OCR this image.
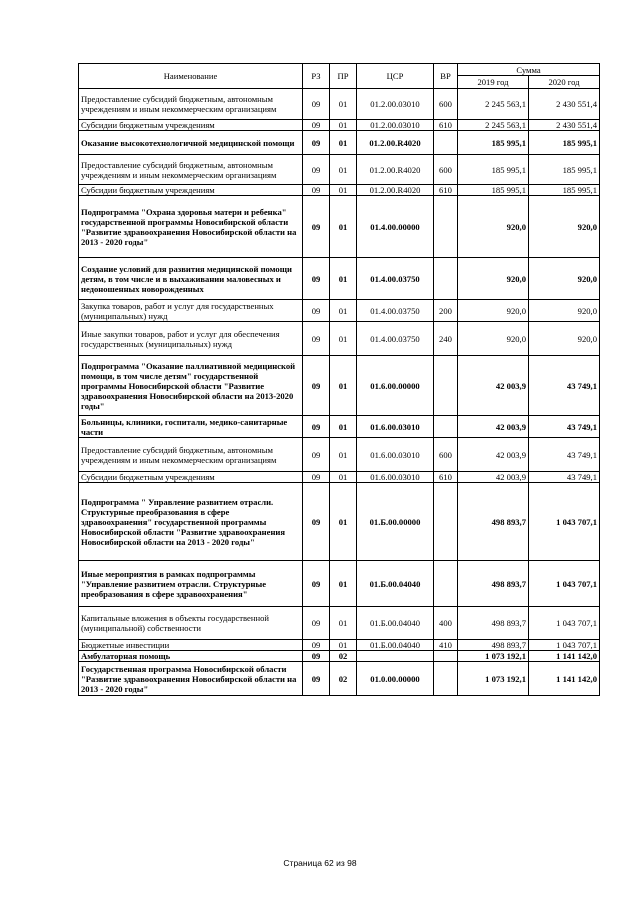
Наименование	РЗ	ПР	ЦСР	ВР	Сумма	
					2019 год	2020 год
Предоставление субсидий бюджетным, автономным учреждениям и иным некоммерческим организациям	09	01	01.2.00.03010	600	2 245 563,1	2 430 551,4
Субсидии бюджетным учреждениям	09	01	01.2.00.03010	610	2 245 563,1	2 430 551,4
Оказание высокотехнологичной медицинской помощи	09	01	01.2.00.R4020		185 995,1	185 995,1
Предоставление субсидий бюджетным, автономным учреждениям и иным некоммерческим организациям	09	01	01.2.00.R4020	600	185 995,1	185 995,1
Субсидии бюджетным учреждениям	09	01	01.2.00.R4020	610	185 995,1	185 995,1
Подпрограмма "Охрана здоровья матери и ребенка" государственной программы Новосибирской области "Развитие здравоохранения Новосибирской области на 2013 - 2020 годы"	09	01	01.4.00.00000		920,0	920,0
Создание условий для развития медицинской помощи детям, в том числе и в выхаживании маловесных и недоношенных новорожденных	09	01	01.4.00.03750		920,0	920,0
Закупка товаров, работ и услуг для государственных (муниципальных) нужд	09	01	01.4.00.03750	200	920,0	920,0
Иные закупки товаров, работ и услуг для обеспечения государственных (муниципальных) нужд	09	01	01.4.00.03750	240	920,0	920,0
Подпрограмма "Оказание паллиативной медицинской помощи, в том числе детям" государственной программы Новосибирской области "Развитие здравоохранения Новосибирской области на 2013-2020 годы"	09	01	01.6.00.00000		42 003,9	43 749,1
Больницы, клиники, госпитали, медико-санитарные части	09	01	01.6.00.03010		42 003,9	43 749,1
Предоставление субсидий бюджетным, автономным учреждениям и иным некоммерческим организациям	09	01	01.6.00.03010	600	42 003,9	43 749,1
Субсидии бюджетным учреждениям	09	01	01.6.00.03010	610	42 003,9	43 749,1
Подпрограмма " Управление развитием отрасли. Структурные преобразования в сфере здравоохранения" государственной программы Новосибирской области "Развитие здравоохранения Новосибирской области на 2013 - 2020 годы"	09	01	01.Б.00.00000		498 893,7	1 043 707,1
Иные мероприятия в рамках подпрограммы "Управление развитием отрасли. Структурные преобразования в сфере здравоохранения"	09	01	01.Б.00.04040		498 893,7	1 043 707,1
Капитальные вложения в объекты государственной (муниципальной) собственности	09	01	01.Б.00.04040	400	498 893,7	1 043 707,1
Бюджетные инвестиции	09	01	01.Б.00.04040	410	498 893,7	1 043 707,1
Амбулаторная помощь	09	02			1 073 192,1	1 141 142,0
Государственная программа Новосибирской области "Развитие здравоохранения Новосибирской области на 2013 - 2020 годы"	09	02	01.0.00.00000		1 073 192,1	1 141 142,0
Страница 62 из 98
